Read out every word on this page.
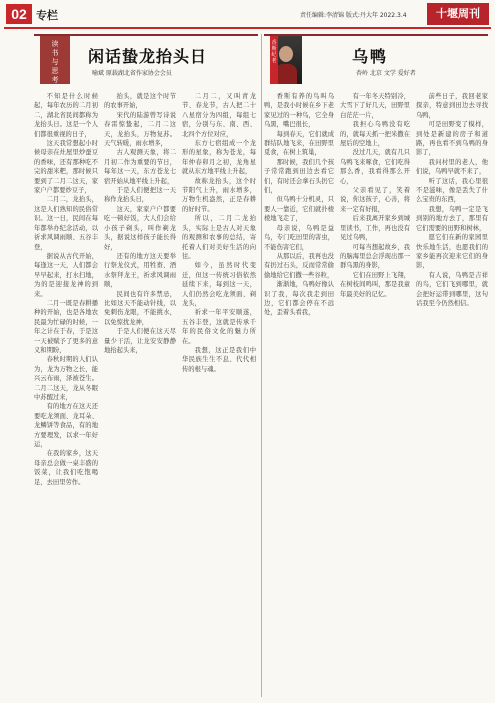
02 专栏	责任编辑:李清锦 版式:丹大年 2022.3.4	十堰周刊
读
书
与
思
考
闲话蛰龙抬头日
喻斌 原载湖北省作家协会会员
香斯纪老	乌鸭
杏岭 北京 文学 爱好者

不知是什么时候起，每年农历的二月初二，湖北省民间都称为龙抬头日。这是一个人们都很重视的日子，

这天我常想起小时候母亲在灶屋里炒蚕豆的香味，还有那种吃不完的甜米粑，那时候只要到了二月二这天，家家户户都要炒豆子，

二月二，龙抬头，这是人们熟知的民俗常识。这一日，民间在每年都举办纪念活动，以祈求风调雨顺、五谷丰登，

据说从古代开始，每逢这一天，人们都会早早起来，打水扫地，为的是迎接龙神的到来。

二月一既是春耕播种的开始，也是各地农民最为忙碌的时候，一年之计在于春，于是这一天被赋予了更多的意义和期盼，

春秋时期的人们认为，龙为万物之长，能兴云布雨，泽被苍生。二月二这天，龙从冬眠中苏醒过来，

有的地方在这天还要吃龙须面、龙耳朵、龙鳞饼等食品，有的地方要理发，以求一年好运，

在我的家乡，这天母亲总会做一桌丰盛的饭菜，让我们吃饱喝足，去田里劳作。

抬头，就是这个时节的农事开始，

宋代的陆游曾写诗说春雷惊蛰起，二月二这天，龙抬头，万物复苏。天气转暖，雨水增多，

古人观测天象，将二月初二作为重要的节日，每年这一天，东方苍龙七宿开始从地平线上升起，

于是人们便把这一天称作龙抬头日，

这天，家家户户都要吃一顿好饭，大人们会给小孩子剃头，叫作剃龙头，据说这样孩子能长得好，

还有的地方这天要举行祭龙仪式，用牲畜、酒水祭拜龙王，祈求风调雨顺，

民间也有许多禁忌，比如这天不能动针线，以免刺伤龙眼，不能挑水，以免惊扰龙神，

于是人们便在这天尽量少干活，让龙安安静静地抬起头来，

二月二，又叫青龙节、春龙节，古人把二十八星宿分为四组，每组七宿，分别与东、南、西、北四个方位对应，

东方七宿组成一个龙形的星象，称为苍龙，每年仲春卯月之初，龙角星就从东方地平线上升起，

故称龙抬头，这个时节阳气上升，雨水增多，万物生机盎然，正是春耕的好时节。

所以，二月二龙抬头，实际上是古人对天象的观测和农事的总结，寄托着人们对美好生活的向往。

如今，虽然时代变迁，但这一传统习俗依然延续下来，每到这一天，人们仍然会吃龙须面、剃龙头，

祈求一年平安顺遂，五谷丰登，这就是传承千年的民俗文化的魅力所在。

我想，这正是我们中华民族生生不息、代代相传的根与魂。

香斯有养的鸟叫乌鸭，是我小时候在乡下老家见过的一种鸟，它全身乌黑，嘴巴很长，

每到春天，它们就成群结队地飞来，在田野里觅食，在树上筑巢，

那时候，我们几个孩子常常跑到田边去看它们，有时还会拿石头扔它们，

但乌鸭十分机灵，只要人一靠近，它们就扑棱棱地飞走了，

母亲说，乌鸭是益鸟，专门吃田里的害虫，不能伤害它们，

从那以后，我再也没有扔过石头，反而常常偷偷地给它们撒一些谷粒，

渐渐地，乌鸭好像认识了我，每次我走到田边，它们都会停在不远处，歪着头看我，

有一年冬天特别冷，大雪下了好几天，田野里白茫茫一片，

我担心乌鸭没有吃的，就每天抓一把米撒在屋后的空地上，

没过几天，就有几只乌鸭飞来啄食，它们吃得那么香，我看得那么开心，

父亲看见了，笑着说，你这孩子，心善，将来一定有好报，

后来我离开家乡到城里读书，工作，再也没有见过乌鸭，

可每当想起故乡，我的脑海里总会浮现出那一群乌黑的身影，

它们在田野上飞翔，在树枝间鸣叫，那是我童年最美好的记忆。

前些日子，我回老家探亲，特意到田边去寻找乌鸭，

可是田野变了模样，到处是新建的房子和道路，再也看不到乌鸭的身影了，

我问村里的老人，他们说，乌鸭早就不来了，

听了这话，我心里很不是滋味，像是丢失了什么宝贵的东西，

我想，乌鸭一定是飞到别的地方去了，那里有它们需要的田野和树林，

愿它们在新的家园里快乐地生活，也愿我们的家乡能再次迎来它们的身影，

有人说，乌鸭是吉祥的鸟，它们飞到哪里，就会把好运带到哪里，这句话我至今仍然相信。
